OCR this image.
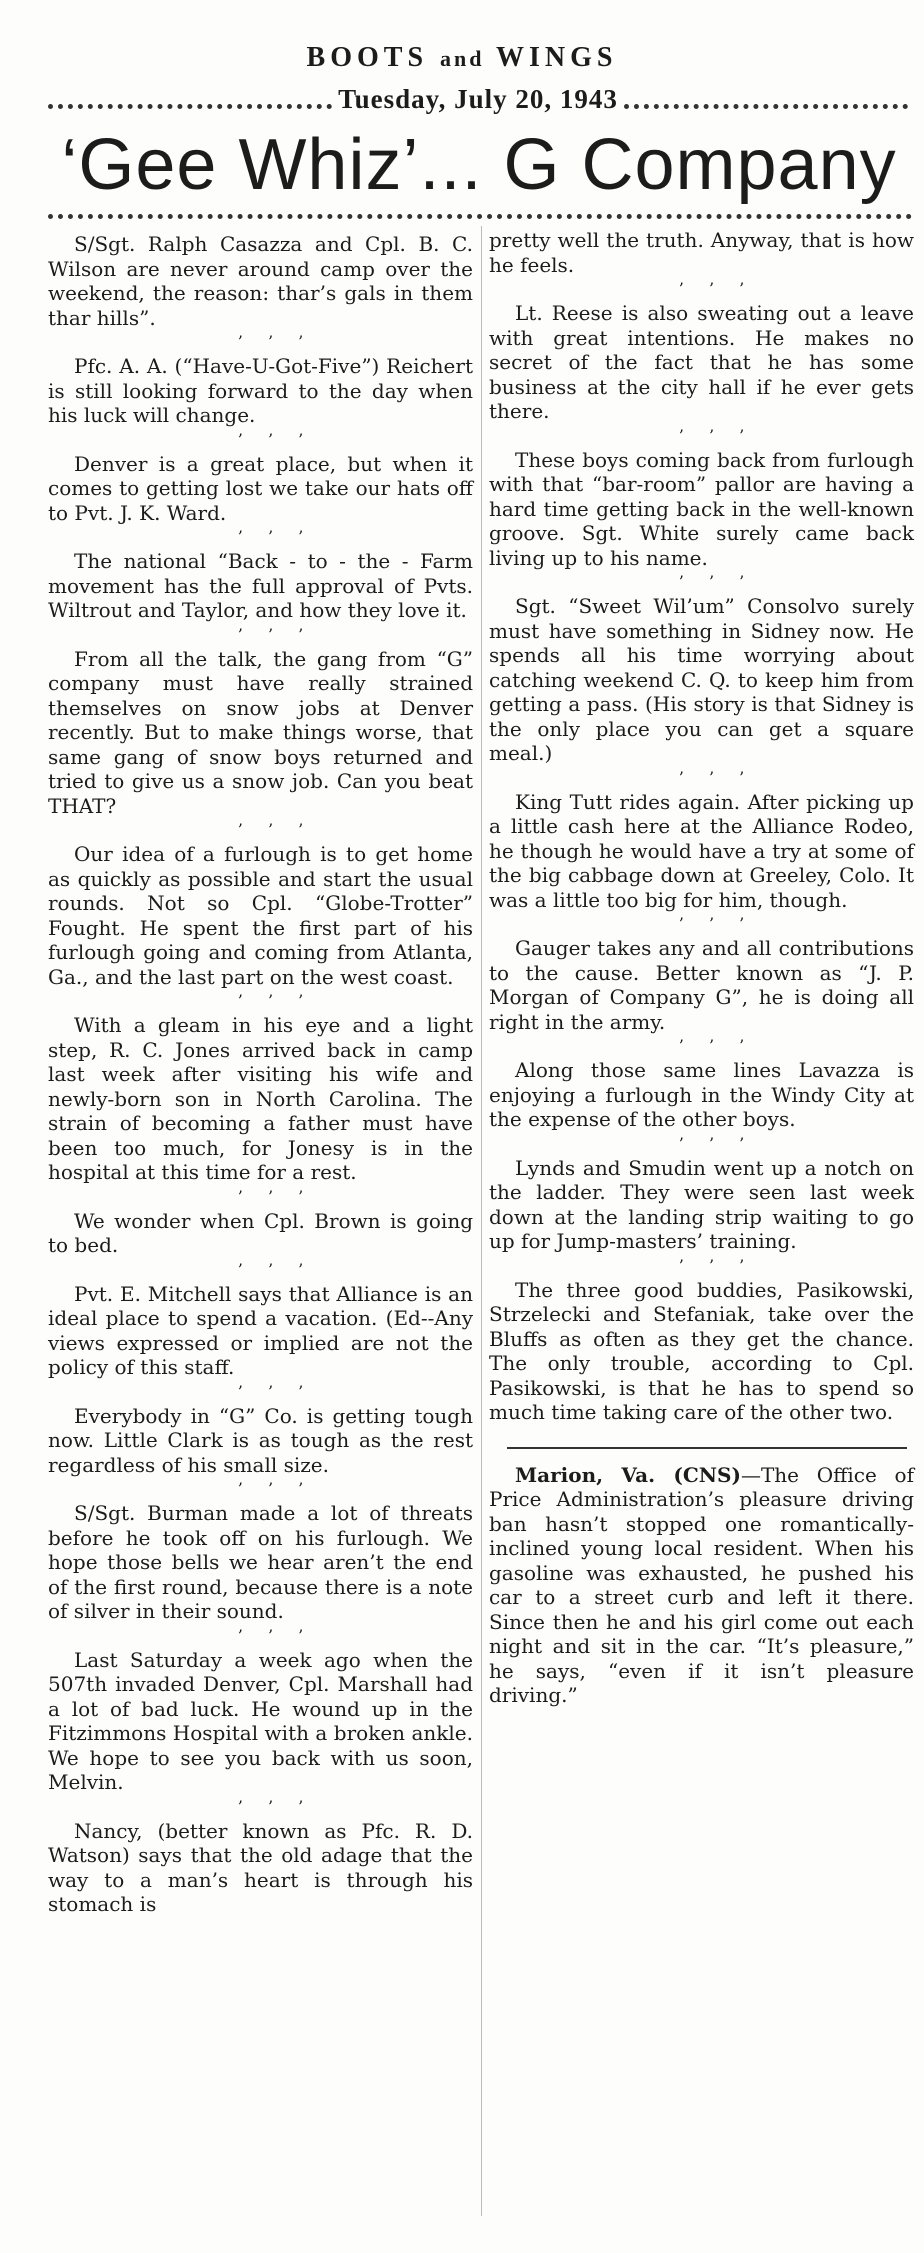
BOOTS and WINGS
Tuesday, July 20, 1943
‘Gee Whiz’... G Company

S/Sgt. Ralph Casazza and Cpl. B. C. Wilson are never around camp over the weekend, the reason: thar’s gals in them thar hills”.

’ ’ ’

Pfc. A. A. (“Have-U-Got-Five”) Reichert is still looking forward to the day when his luck will change.

’ ’ ’

Denver is a great place, but when it comes to getting lost we take our hats off to Pvt. J. K. Ward.

’ ’ ’

The national “Back - to - the - Farm movement has the full approval of Pvts. Wiltrout and Taylor, and how they love it.

’ ’ ’

From all the talk, the gang from “G” company must have really strained themselves on snow jobs at Denver recently. But to make things worse, that same gang of snow boys returned and tried to give us a snow job. Can you beat THAT?

’ ’ ’

Our idea of a furlough is to get home as quickly as possible and start the usual rounds. Not so Cpl. “Globe-Trotter” Fought. He spent the first part of his furlough going and coming from Atlanta, Ga., and the last part on the west coast.

’ ’ ’

With a gleam in his eye and a light step, R. C. Jones arrived back in camp last week after visiting his wife and newly-born son in North Carolina. The strain of becoming a father must have been too much, for Jonesy is in the hospital at this time for a rest.

’ ’ ’

We wonder when Cpl. Brown is going to bed.

’ ’ ’

Pvt. E. Mitchell says that Alliance is an ideal place to spend a vacation. (Ed--Any views expressed or implied are not the policy of this staff.

’ ’ ’

Everybody in “G” Co. is getting tough now. Little Clark is as tough as the rest regardless of his small size.

’ ’ ’

S/Sgt. Burman made a lot of threats before he took off on his furlough. We hope those bells we hear aren’t the end of the first round, because there is a note of silver in their sound.

’ ’ ’

Last Saturday a week ago when the 507th invaded Denver, Cpl. Marshall had a lot of bad luck. He wound up in the Fitzimmons Hospital with a broken ankle. We hope to see you back with us soon, Melvin.

’ ’ ’

Nancy, (better known as Pfc. R. D. Watson) says that the old adage that the way to a man’s heart is through his stomach is

pretty well the truth. Anyway, that is how he feels.

’ ’ ’

Lt. Reese is also sweating out a leave with great intentions. He makes no secret of the fact that he has some business at the city hall if he ever gets there.

’ ’ ’

These boys coming back from furlough with that “bar-room” pallor are having a hard time getting back in the well-known groove. Sgt. White surely came back living up to his name.

’ ’ ’

Sgt. “Sweet Wil’um” Consolvo surely must have something in Sidney now. He spends all his time worrying about catching weekend C. Q. to keep him from getting a pass. (His story is that Sidney is the only place you can get a square meal.)

’ ’ ’

King Tutt rides again. After picking up a little cash here at the Alliance Rodeo, he though he would have a try at some of the big cabbage down at Greeley, Colo. It was a little too big for him, though.

’ ’ ’

Gauger takes any and all contributions to the cause. Better known as “J. P. Morgan of Company G”, he is doing all right in the army.

’ ’ ’

Along those same lines Lavazza is enjoying a furlough in the Windy City at the expense of the other boys.

’ ’ ’

Lynds and Smudin went up a notch on the ladder. They were seen last week down at the landing strip waiting to go up for Jump-masters’ training.

’ ’ ’

The three good buddies, Pasikowski, Strzelecki and Stefaniak, take over the Bluffs as often as they get the chance. The only trouble, according to Cpl. Pasikowski, is that he has to spend so much time taking care of the other two.

Marion, Va. (CNS)—The Office of Price Administration’s pleasure driving ban hasn’t stopped one romantically-inclined young local resident. When his gasoline was exhausted, he pushed his car to a street curb and left it there. Since then he and his girl come out each night and sit in the car. “It’s pleasure,” he says, “even if it isn’t pleasure driving.”
